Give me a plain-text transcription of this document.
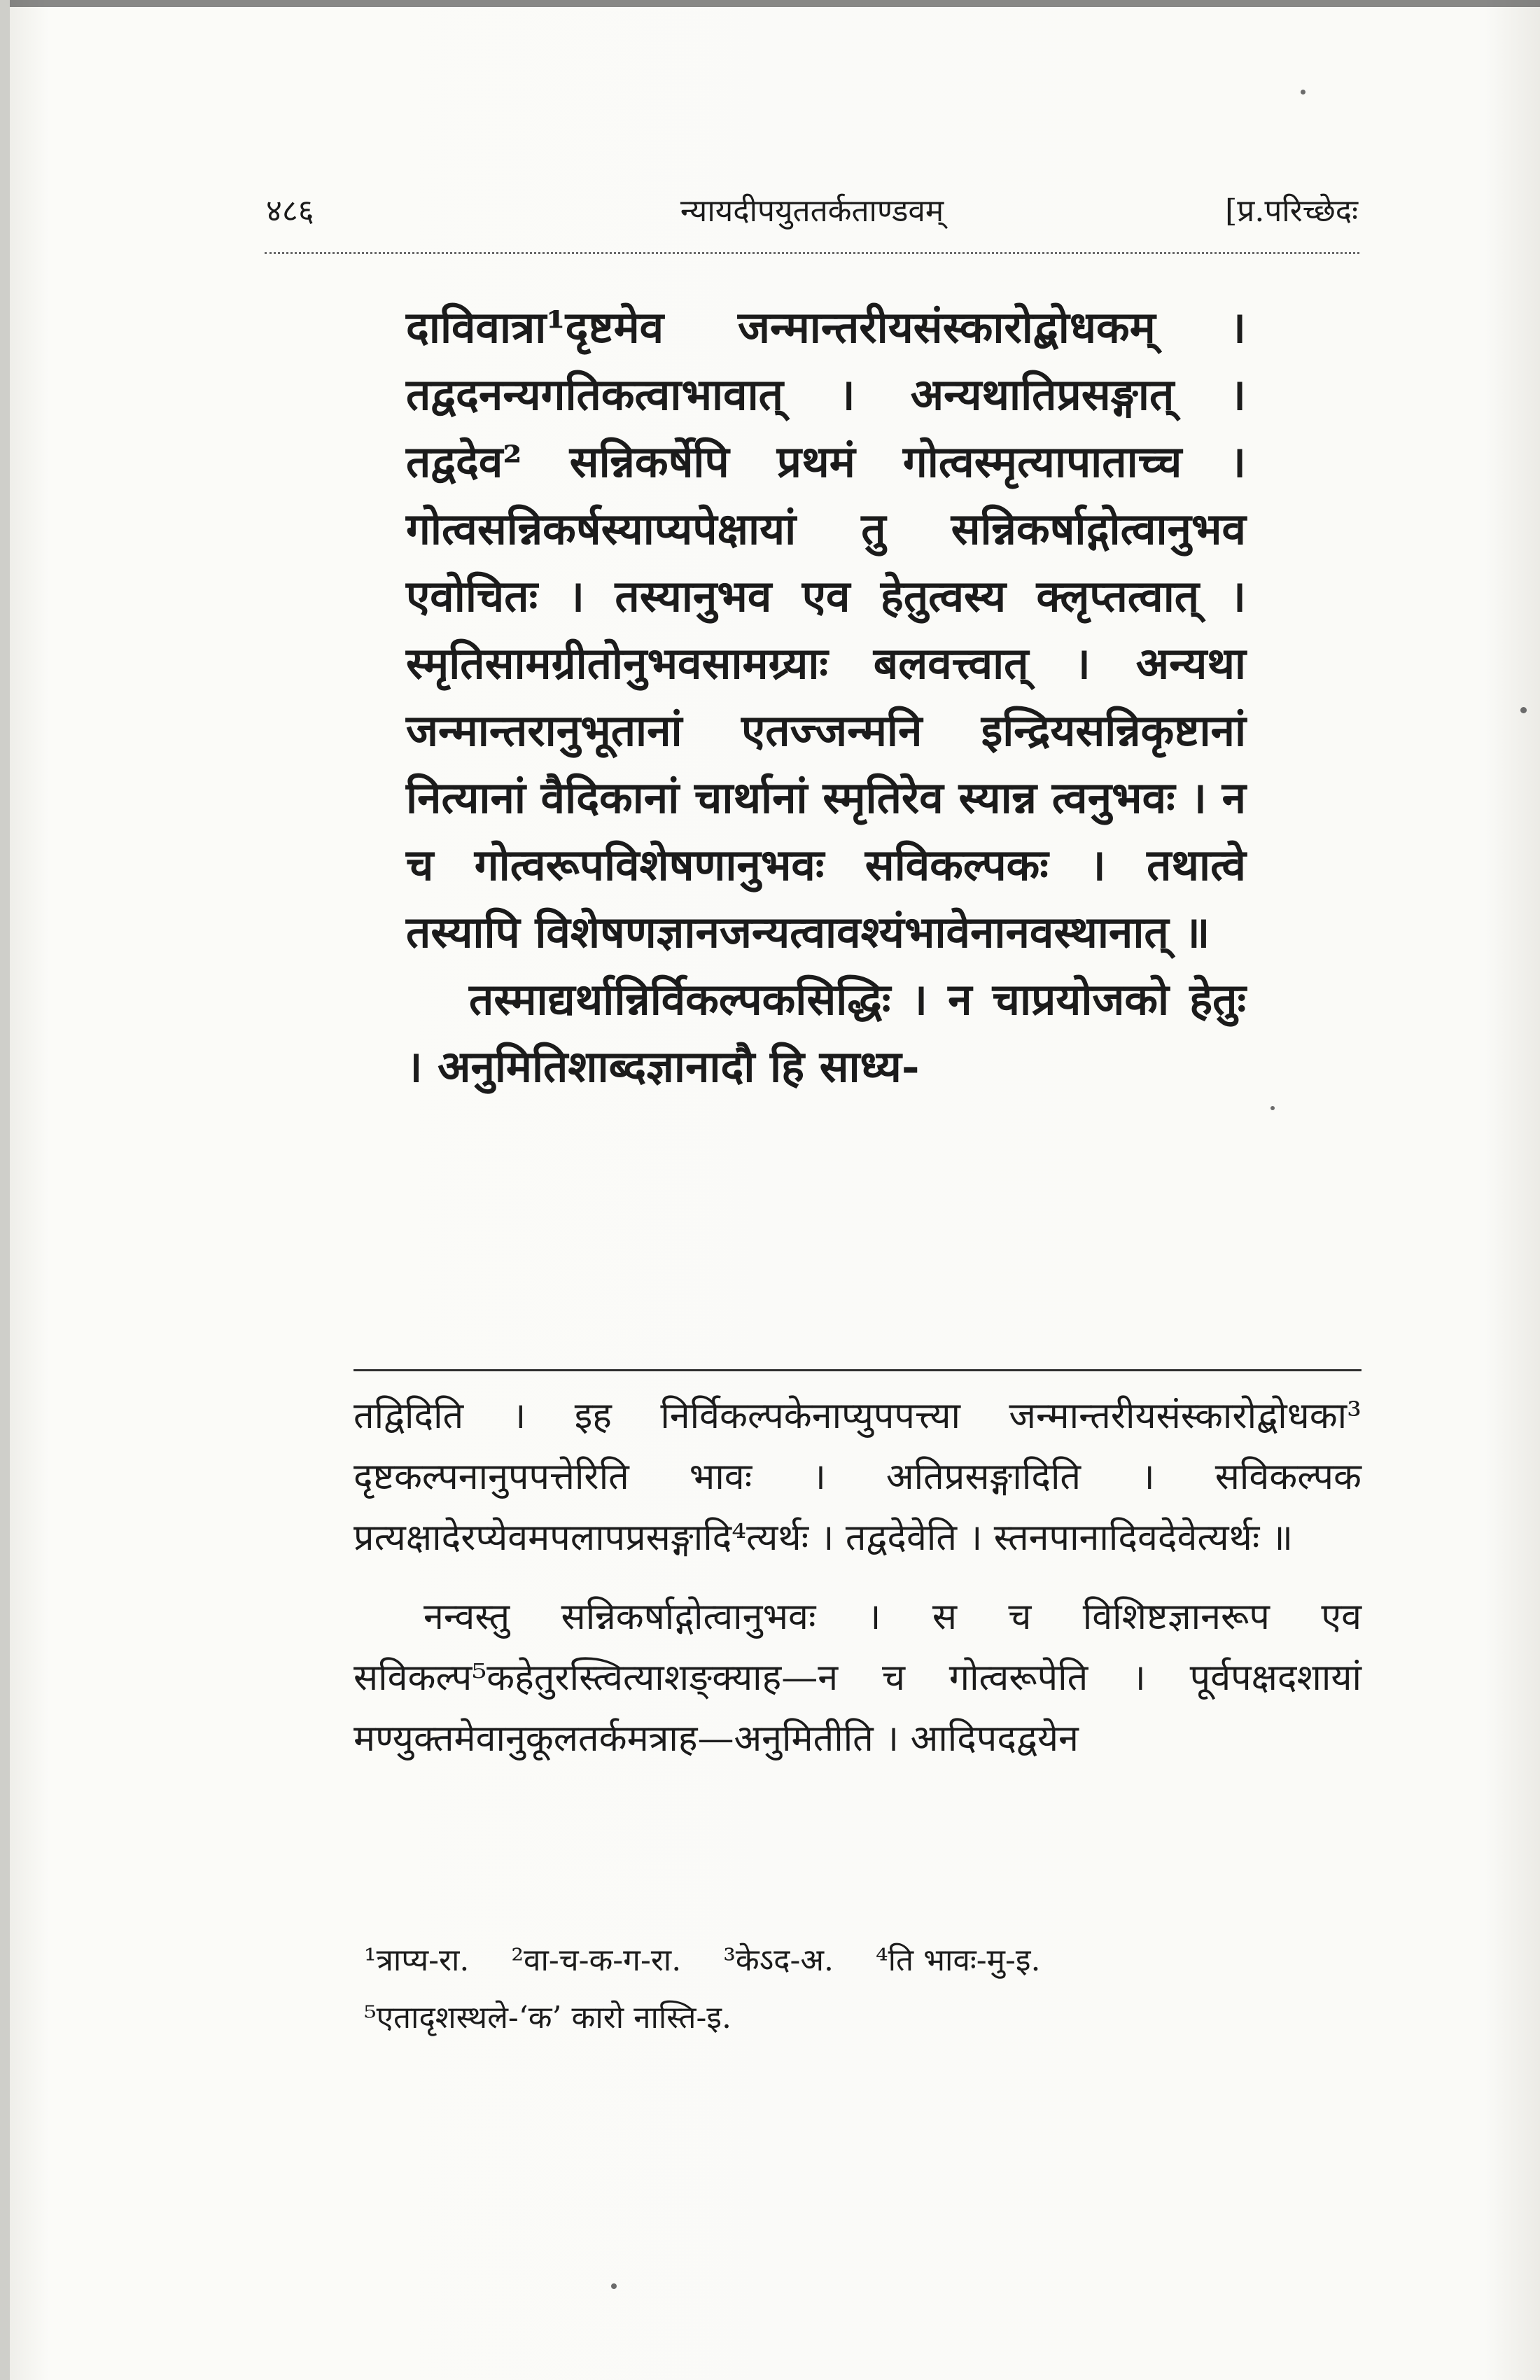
४८६	न्यायदीपयुततर्कताण्डवम्	[प्र.परिच्छेदः

दाविवात्रा¹दृष्टमेव जन्मान्तरीयसंस्कारोद्बोधकम् । तद्वदनन्यगतिकत्वाभावात् । अन्यथातिप्रसङ्गात् । तद्वदेव² सन्निकर्षेपि प्रथमं गोत्वस्मृत्यापाताच्च । गोत्वसन्निकर्षस्याप्यपेक्षायां तु सन्निकर्षाद्गोत्वानुभव एवोचितः । तस्यानुभव एव हेतुत्वस्य क्लृप्तत्वात् । स्मृतिसामग्रीतोनुभवसामग्र्याः बलवत्त्वात् । अन्यथा जन्मान्तरानुभूतानां एतज्जन्मनि इन्द्रियसन्निकृष्टानां नित्यानां वैदिकानां चार्थानां स्मृतिरेव स्यान्न त्वनुभवः । न च गोत्वरूपविशेषणानुभवः सविकल्पकः । तथात्वे तस्यापि विशेषणज्ञानजन्यत्वावश्यंभावेनानवस्थानात् ॥

तस्माद्यर्थान्निर्विकल्पकसिद्धिः । न चाप्रयोजको हेतुः । अनुमितिशाब्दज्ञानादौ हि साध्य-

तद्विदिति । इह निर्विकल्पकेनाप्युपपत्त्या जन्मान्तरीयसंस्कारोद्बोधका³ दृष्टकल्पनानुपपत्तेरिति भावः । अतिप्रसङ्गादिति । सविकल्पक प्रत्यक्षादेरप्येवमपलापप्रसङ्गादि⁴त्यर्थः । तद्वदेवेति । स्तनपानादिवदेवेत्यर्थः ॥

नन्वस्तु सन्निकर्षाद्गोत्वानुभवः । स च विशिष्टज्ञानरूप एव सविकल्प⁵कहेतुरस्त्वित्याशङ्क्याह—न च गोत्वरूपेति । पूर्वपक्षदशायां मण्युक्तमेवानुकूलतर्कमत्राह—अनुमितीति । आदिपदद्वयेन

¹त्राप्य-रा. ²वा-च-क-ग-रा. ³केऽद-अ. ⁴ति भावः-मु-इ.
⁵एतादृशस्थले-‘क’ कारो नास्ति-इ.
